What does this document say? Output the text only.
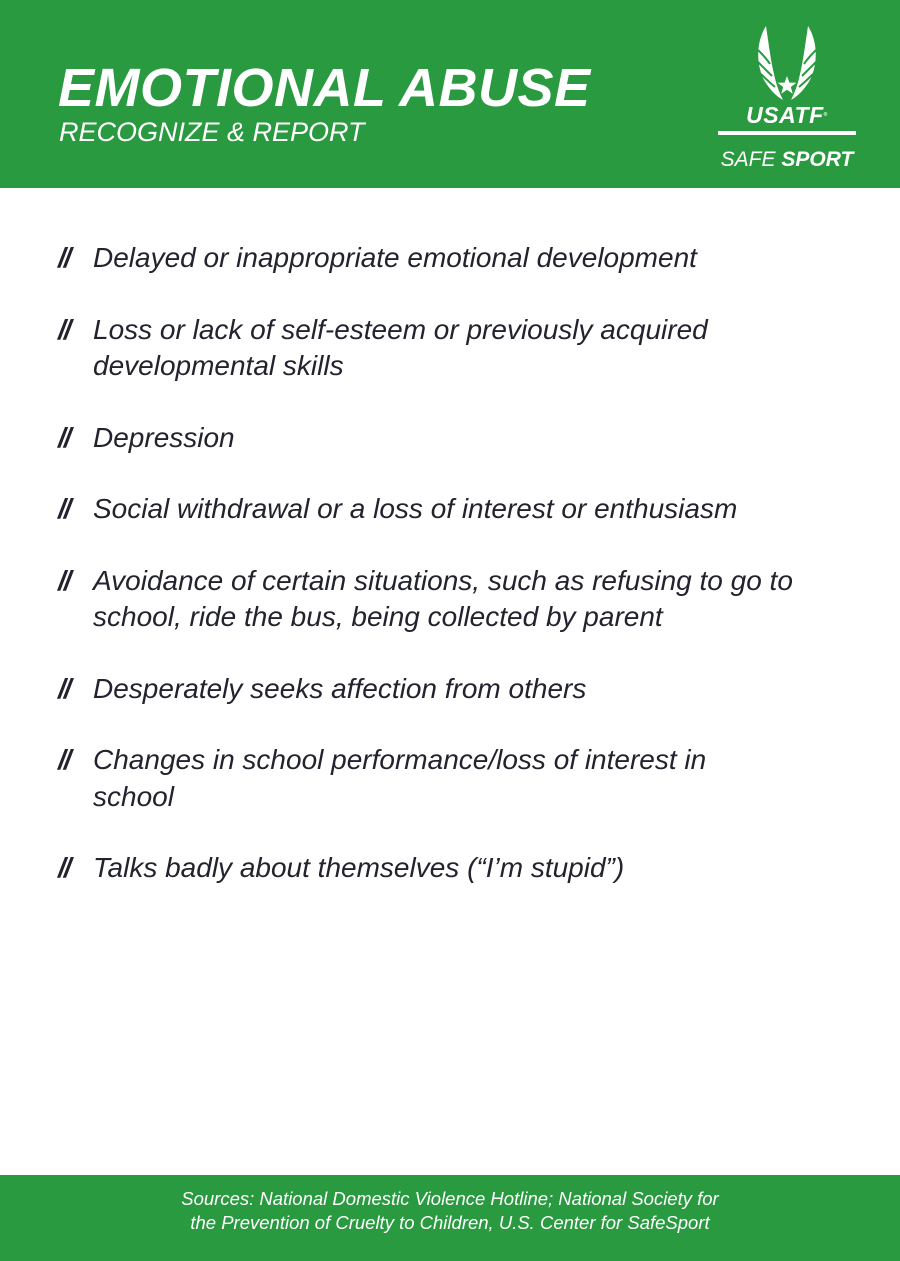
EMOTIONAL ABUSE
RECOGNIZE & REPORT
USATF®
SAFE SPORT
// Delayed or inappropriate emotional development
// Loss or lack of self-esteem or previously acquired developmental skills
// Depression
// Social withdrawal or a loss of interest or enthusiasm
// Avoidance of certain situations, such as refusing to go to school, ride the bus, being collected by parent
// Desperately seeks affection from others
// Changes in school performance/loss of interest in school
// Talks badly about themselves (“I’m stupid”)
Sources: National Domestic Violence Hotline; National Society for
the Prevention of Cruelty to Children, U.S. Center for SafeSport
